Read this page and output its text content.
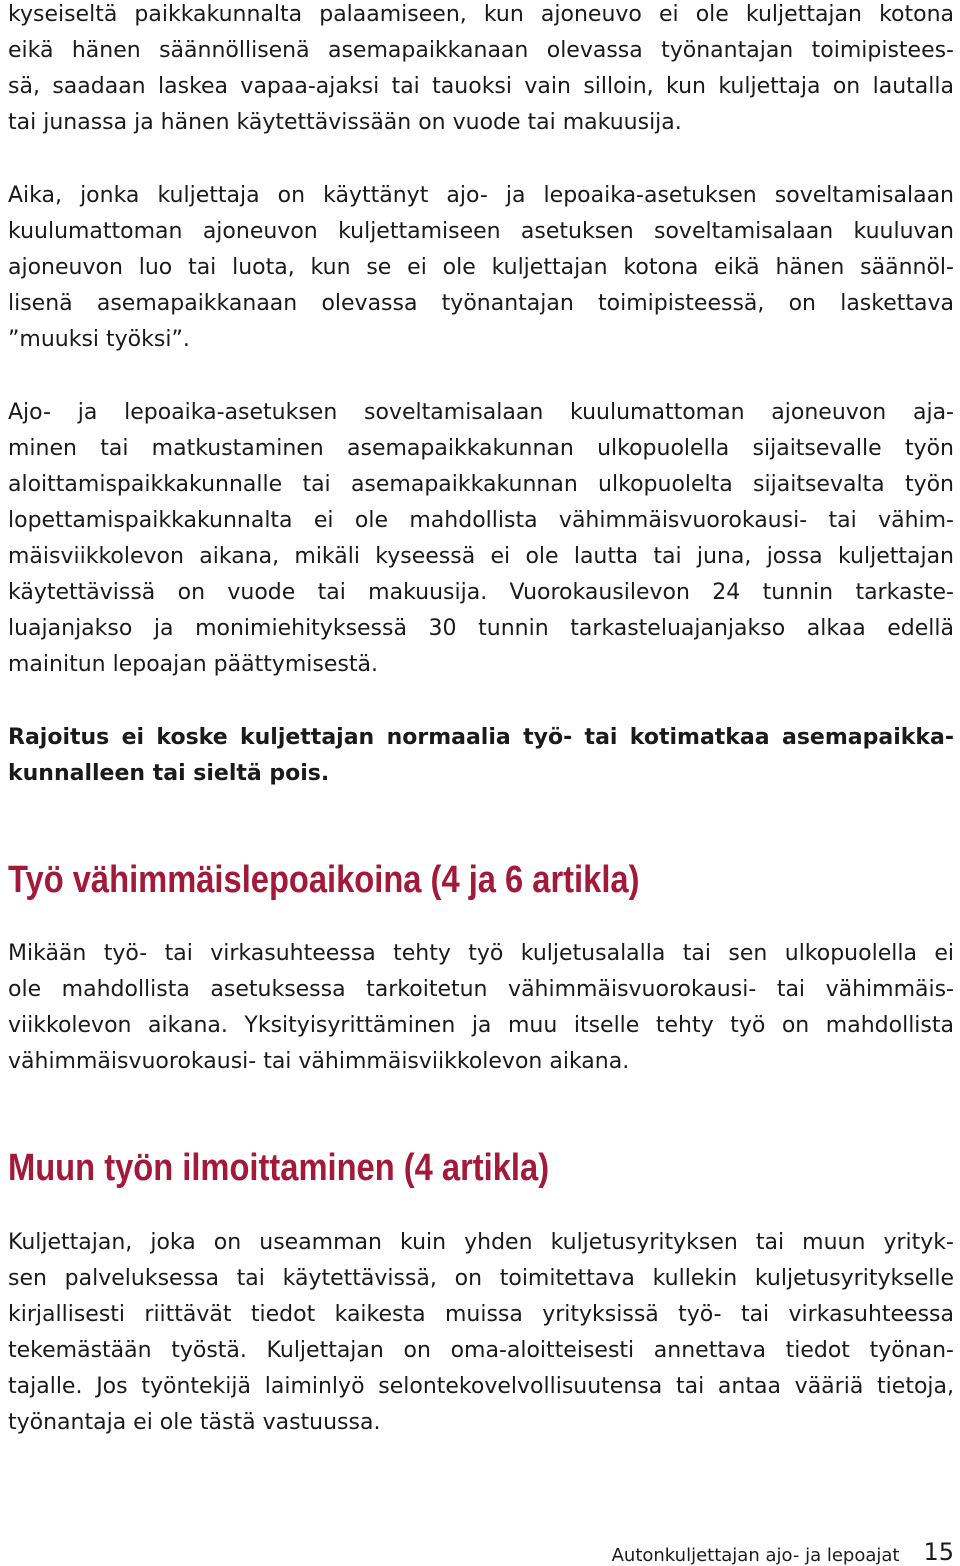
kyseiseltä paikkakunnalta palaamiseen, kun ajoneuvo ei ole kuljettajan kotona
eikä hänen säännöllisenä asemapaikkanaan olevassa työnantajan toimipistees-
sä, saadaan laskea vapaa-ajaksi tai tauoksi vain silloin, kun kuljettaja on lautalla
tai junassa ja hänen käytettävissään on vuode tai makuusija.
Aika, jonka kuljettaja on käyttänyt ajo- ja lepoaika-asetuksen soveltamisalaan
kuulumattoman ajoneuvon kuljettamiseen asetuksen soveltamisalaan kuuluvan
ajoneuvon luo tai luota, kun se ei ole kuljettajan kotona eikä hänen säännöl-
lisenä asemapaikkanaan olevassa työnantajan toimipisteessä, on laskettava
”muuksi työksi”.
Ajo- ja lepoaika-asetuksen soveltamisalaan kuulumattoman ajoneuvon aja-
minen tai matkustaminen asemapaikkakunnan ulkopuolella sijaitsevalle työn
aloittamispaikkakunnalle tai asemapaikkakunnan ulkopuolelta sijaitsevalta työn
lopettamispaikkakunnalta ei ole mahdollista vähimmäisvuorokausi- tai vähim-
mäisviikkolevon aikana, mikäli kyseessä ei ole lautta tai juna, jossa kuljettajan
käytettävissä on vuode tai makuusija. Vuorokausilevon 24 tunnin tarkaste-
luajanjakso ja monimiehityksessä 30 tunnin tarkasteluajanjakso alkaa edellä
mainitun lepoajan päättymisestä.
Rajoitus ei koske kuljettajan normaalia työ- tai kotimatkaa asemapaikka-
kunnalleen tai sieltä pois.
Työ vähimmäislepoaikoina (4 ja 6 artikla)
Mikään työ- tai virkasuhteessa tehty työ kuljetusalalla tai sen ulkopuolella ei
ole mahdollista asetuksessa tarkoitetun vähimmäisvuorokausi- tai vähimmäis-
viikkolevon aikana. Yksityisyrittäminen ja muu itselle tehty työ on mahdollista
vähimmäisvuorokausi- tai vähimmäisviikkolevon aikana.
Muun työn ilmoittaminen (4 artikla)
Kuljettajan, joka on useamman kuin yhden kuljetusyrityksen tai muun yrityk-
sen palveluksessa tai käytettävissä, on toimitettava kullekin kuljetusyritykselle
kirjallisesti riittävät tiedot kaikesta muissa yrityksissä työ- tai virkasuhteessa
tekemästään työstä. Kuljettajan on oma-aloitteisesti annettava tiedot työnan-
tajalle. Jos työntekijä laiminlyö selontekovelvollisuutensa tai antaa vääriä tietoja,
työnantaja ei ole tästä vastuussa.
Autonkuljettajan ajo- ja lepoajat 15
